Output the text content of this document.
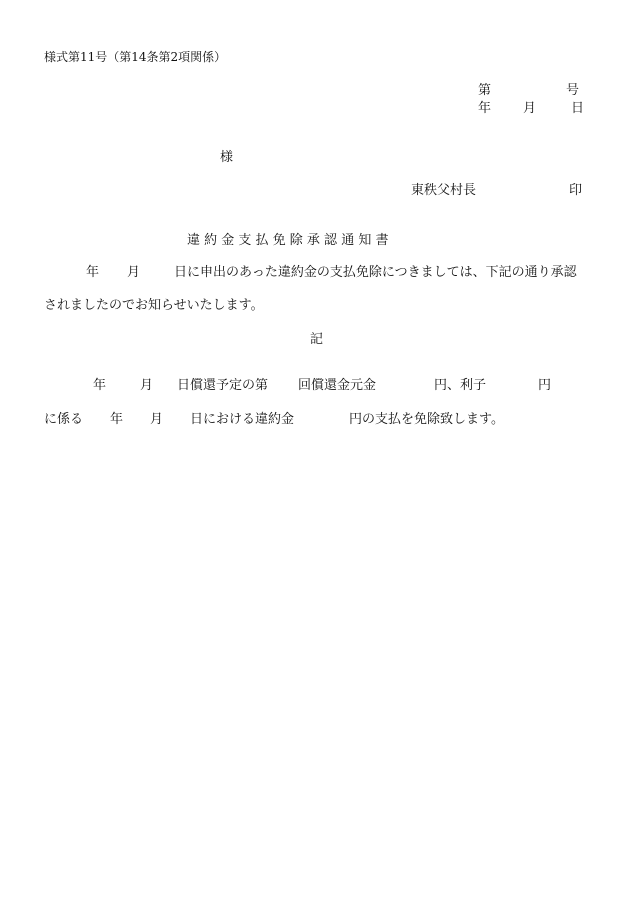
様式第11号（第14条第2項関係）
第	号
年 月	日
様
東秩父村長	印
違 約 金 支 払 免 除 承 認 通 知 書
年 月	日に申出のあった違約金の支払免除につきましては、下記の通り承認
されましたのでお知らせいたします。
記
年	月 日償還予定の第 回償還金元金	円、利子	円
に係る 年 月 日における違約金	円の支払を免除致します。
